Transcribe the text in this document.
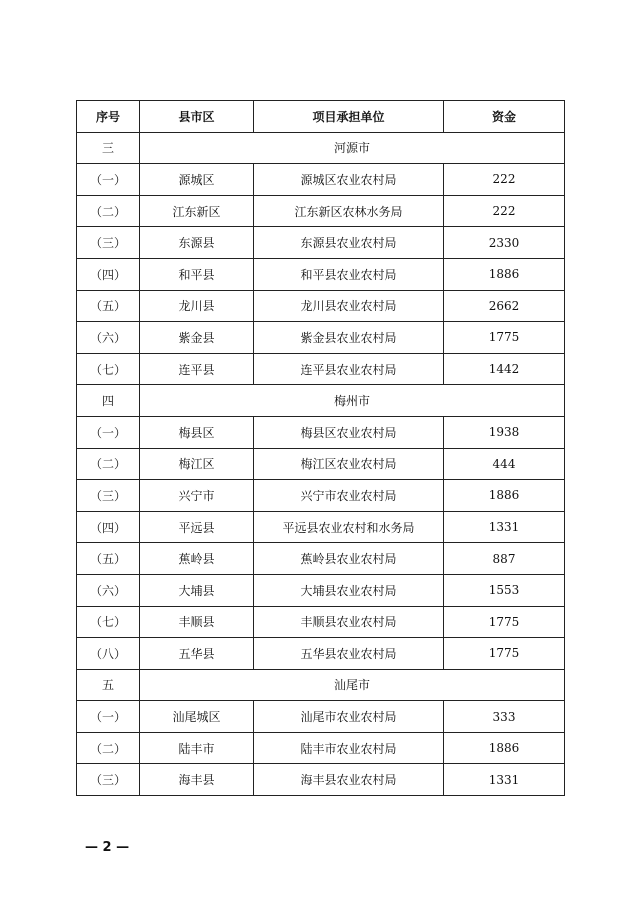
序号	县市区	项目承担单位	资金
三	河源市		
（一）	源城区	源城区农业农村局	222
（二）	江东新区	江东新区农林水务局	222
（三）	东源县	东源县农业农村局	2330
（四）	和平县	和平县农业农村局	1886
（五）	龙川县	龙川县农业农村局	2662
（六）	紫金县	紫金县农业农村局	1775
（七）	连平县	连平县农业农村局	1442
四	梅州市		
（一）	梅县区	梅县区农业农村局	1938
（二）	梅江区	梅江区农业农村局	444
（三）	兴宁市	兴宁市农业农村局	1886
（四）	平远县	平远县农业农村和水务局	1331
（五）	蕉岭县	蕉岭县农业农村局	887
（六）	大埔县	大埔县农业农村局	1553
（七）	丰顺县	丰顺县农业农村局	1775
（八）	五华县	五华县农业农村局	1775
五	汕尾市		
（一）	汕尾城区	汕尾市农业农村局	333
（二）	陆丰市	陆丰市农业农村局	1886
（三）	海丰县	海丰县农业农村局	1331
— 2 —
